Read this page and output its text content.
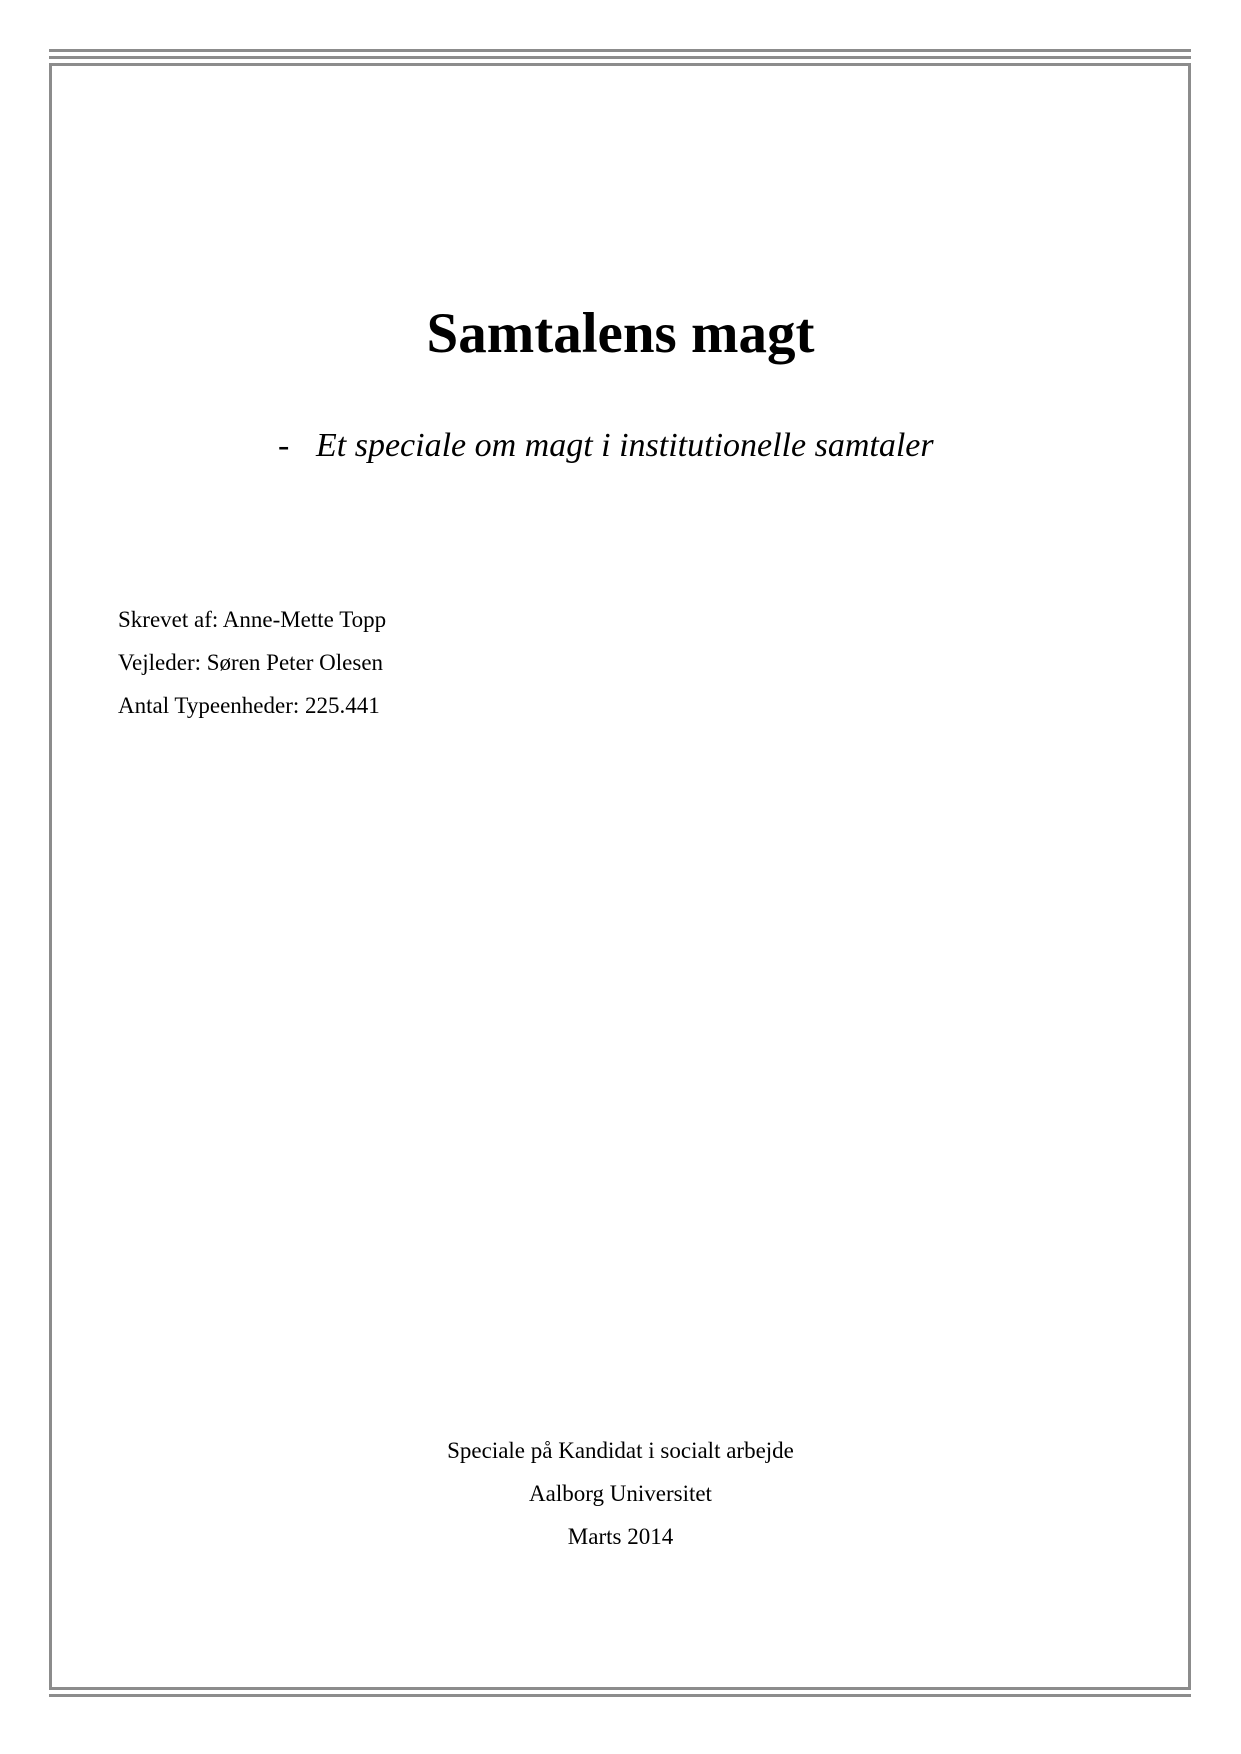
Samtalens magt
- Et speciale om magt i institutionelle samtaler
Skrevet af: Anne-Mette Topp
Vejleder: Søren Peter Olesen
Antal Typeenheder: 225.441
Speciale på Kandidat i socialt arbejde
Aalborg Universitet
Marts 2014
